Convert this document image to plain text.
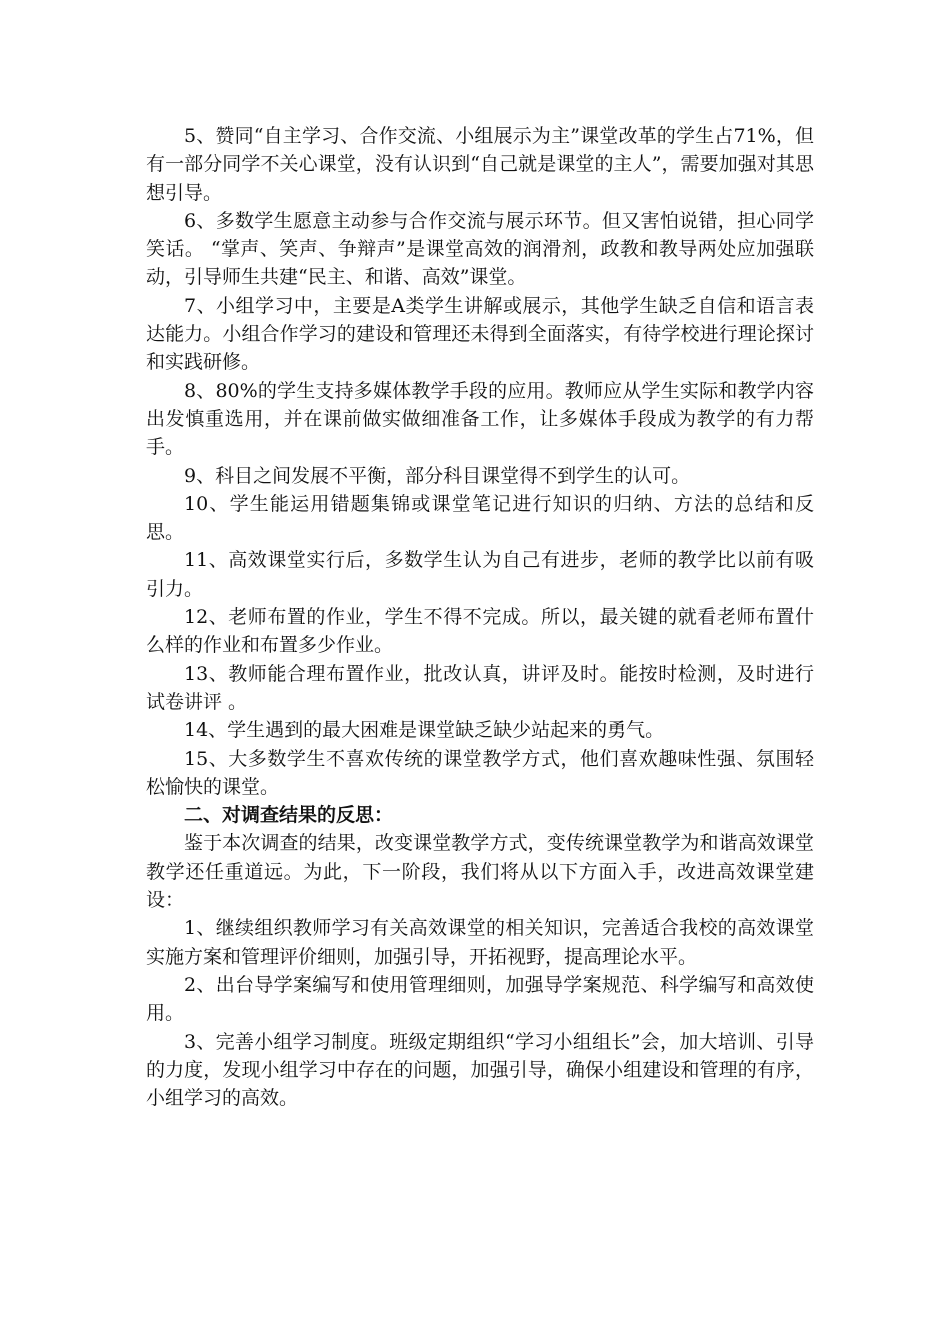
5、赞同“自主学习、合作交流、小组展示为主”课堂改革的学生占71%，但有一部分同学不关心课堂，没有认识到“自己就是课堂的主人”，需要加强对其思想引导。

6、多数学生愿意主动参与合作交流与展示环节。但又害怕说错，担心同学笑话。 “掌声、笑声、争辩声”是课堂高效的润滑剂，政教和教导两处应加强联动，引导师生共建“民主、和谐、高效”课堂。

7、小组学习中，主要是A类学生讲解或展示，其他学生缺乏自信和语言表达能力。小组合作学习的建设和管理还未得到全面落实，有待学校进行理论探讨和实践研修。

8、80%的学生支持多媒体教学手段的应用。教师应从学生实际和教学内容出发慎重选用，并在课前做实做细准备工作，让多媒体手段成为教学的有力帮手。

9、科目之间发展不平衡，部分科目课堂得不到学生的认可。

10、学生能运用错题集锦或课堂笔记进行知识的归纳、方法的总结和反思。

11、高效课堂实行后，多数学生认为自己有进步，老师的教学比以前有吸引力。

12、老师布置的作业，学生不得不完成。所以，最关键的就看老师布置什么样的作业和布置多少作业。

13、教师能合理布置作业，批改认真，讲评及时。能按时检测，及时进行试卷讲评 。

14、学生遇到的最大困难是课堂缺乏缺少站起来的勇气。

15、大多数学生不喜欢传统的课堂教学方式，他们喜欢趣味性强、氛围轻松愉快的课堂。

二、对调查结果的反思：

鉴于本次调查的结果，改变课堂教学方式，变传统课堂教学为和谐高效课堂教学还任重道远。为此，下一阶段，我们将从以下方面入手，改进高效课堂建设：

1、继续组织教师学习有关高效课堂的相关知识，完善适合我校的高效课堂实施方案和管理评价细则，加强引导，开拓视野，提高理论水平。

2、出台导学案编写和使用管理细则，加强导学案规范、科学编写和高效使用。

3、完善小组学习制度。班级定期组织“学习小组组长”会，加大培训、引导的力度，发现小组学习中存在的问题，加强引导，确保小组建设和管理的有序，小组学习的高效。
